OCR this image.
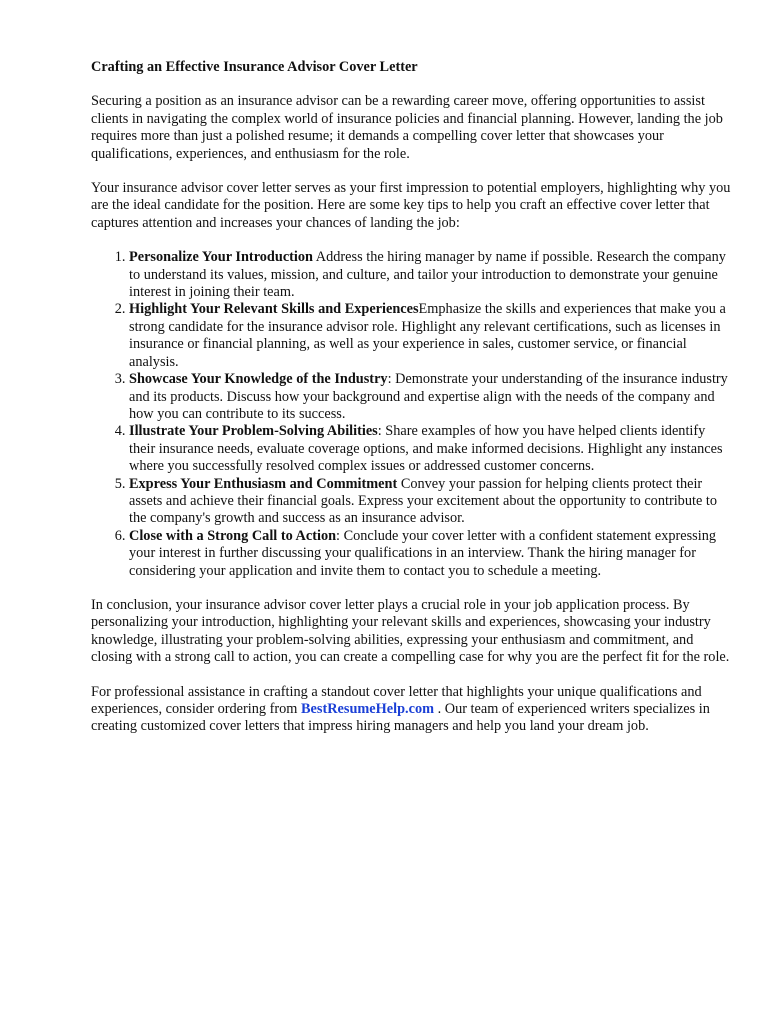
Crafting an Effective Insurance Advisor Cover Letter

Securing a position as an insurance advisor can be a rewarding career move, offering opportunities to assist clients in navigating the complex world of insurance policies and financial planning. However, landing the job requires more than just a polished resume; it demands a compelling cover letter that showcases your qualifications, experiences, and enthusiasm for the role.

Your insurance advisor cover letter serves as your first impression to potential employers, highlighting why you are the ideal candidate for the position. Here are some key tips to help you craft an effective cover letter that captures attention and increases your chances of landing the job:

1. Personalize Your Introduction Address the hiring manager by name if possible. Research the company to understand its values, mission, and culture, and tailor your introduction to demonstrate your genuine interest in joining their team.
2. Highlight Your Relevant Skills and ExperiencesEmphasize the skills and experiences that make you a strong candidate for the insurance advisor role. Highlight any relevant certifications, such as licenses in insurance or financial planning, as well as your experience in sales, customer service, or financial analysis.
3. Showcase Your Knowledge of the Industry: Demonstrate your understanding of the insurance industry and its products. Discuss how your background and expertise align with the needs of the company and how you can contribute to its success.
4. Illustrate Your Problem-Solving Abilities: Share examples of how you have helped clients identify their insurance needs, evaluate coverage options, and make informed decisions. Highlight any instances where you successfully resolved complex issues or addressed customer concerns.
5. Express Your Enthusiasm and Commitment Convey your passion for helping clients protect their assets and achieve their financial goals. Express your excitement about the opportunity to contribute to the company's growth and success as an insurance advisor.
6. Close with a Strong Call to Action: Conclude your cover letter with a confident statement expressing your interest in further discussing your qualifications in an interview. Thank the hiring manager for considering your application and invite them to contact you to schedule a meeting.

In conclusion, your insurance advisor cover letter plays a crucial role in your job application process. By personalizing your introduction, highlighting your relevant skills and experiences, showcasing your industry knowledge, illustrating your problem-solving abilities, expressing your enthusiasm and commitment, and closing with a strong call to action, you can create a compelling case for why you are the perfect fit for the role.

For professional assistance in crafting a standout cover letter that highlights your unique qualifications and experiences, consider ordering from BestResumeHelp.com . Our team of experienced writers specializes in creating customized cover letters that impress hiring managers and help you land your dream job.
